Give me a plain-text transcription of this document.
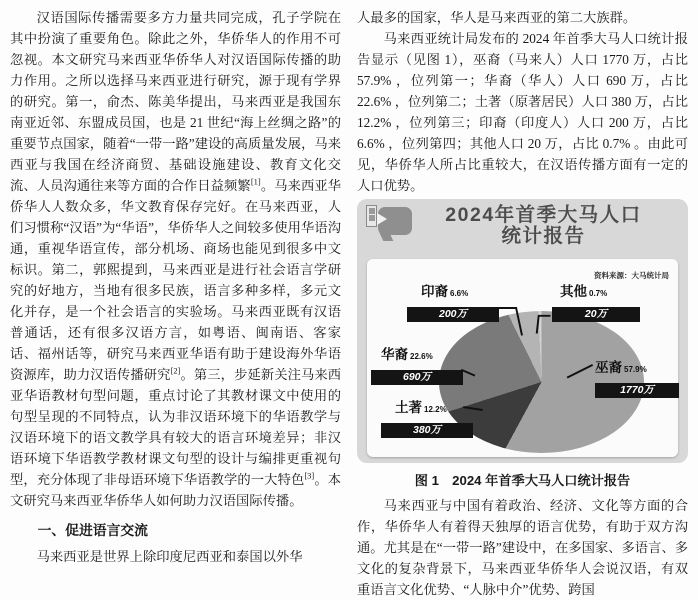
汉语国际传播需要多方力量共同完成，孔子学院在其中扮演了重要角色。除此之外，华侨华人的作用不可忽视。本文研究马来西亚华侨华人对汉语国际传播的助力作用。之所以选择马来西亚进行研究，源于现有学界的研究。第一，俞杰、陈美华提出，马来西亚是我国东南亚近邻、东盟成员国，也是 21 世纪“海上丝绸之路”的重要节点国家，随着“一带一路”建设的高质量发展，马来西亚与我国在经济商贸、基础设施建设、教育文化交流、人员沟通往来等方面的合作日益频繁[1]。马来西亚华侨华人人数众多，华文教育保存完好。在马来西亚，人们习惯称“汉语”为“华语”，华侨华人之间较多使用华语沟通，重视华语宣传，部分机场、商场也能见到很多中文标识。第二，郭熙提到，马来西亚是进行社会语言学研究的好地方，当地有很多民族，语言多种多样，多元文化并存，是一个社会语言的实验场。马来西亚既有汉语普通话，还有很多汉语方言，如粤语、闽南语、客家话、福州话等，研究马来西亚华语有助于建设海外华语资源库，助力汉语传播研究[2]。第三，步延新关注马来西亚华语教材句型问题，重点讨论了其教材课文中使用的句型呈现的不同特点，认为非汉语环境下的华语教学与汉语环境下的语文教学具有较大的语言环境差异；非汉语环境下华语教学教材课文句型的设计与编排更重视句型，充分体现了非母语环境下华语教学的一大特色[3]。本文研究马来西亚华侨华人如何助力汉语国际传播。

一、促进语言交流

马来西亚是世界上除印度尼西亚和泰国以外华

人最多的国家，华人是马来西亚的第二大族群。

马来西亚统计局发布的 2024 年首季大马人口统计报告显示（见图 1），巫裔（马来人）人口 1770 万，占比 57.9% ，位列第一；华裔（华人）人口 690 万，占比 22.6% ，位列第二；土著（原著居民）人口 380 万，占比 12.2% ，位列第三；印裔（印度人）人口 200 万，占比 6.6% ，位列第四；其他人口 20 万，占比 0.7% 。由此可见，华侨华人所占比重较大，在汉语传播方面有一定的人口优势。

2024年首季大马人口
统计报告
资料来源：大马统计局
印裔 6.6%
200万
其他 0.7%
20万
华裔 22.6%
690万
巫裔 57.9%
1770万
土著 12.2%
380万
图 1　2024 年首季大马人口统计报告

马来西亚与中国有着政治、经济、文化等方面的合作，华侨华人有着得天独厚的语言优势，有助于双方沟通。尤其是在“一带一路”建设中，在多国家、多语言、多文化的复杂背景下，马来西亚华侨华人会说汉语，有双重语言文化优势、“人脉中介”优势、跨国
